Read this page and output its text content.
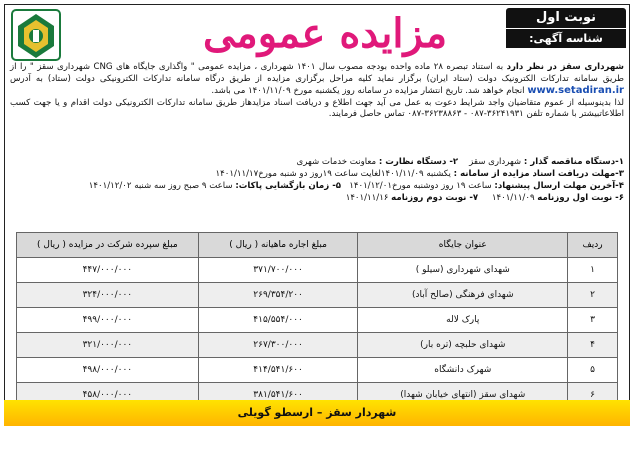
مزایده عمومی	نوبت اول
شناسه آگهی: ۱۴۴۸۰۳۰
شهرداری سقز در نظر دارد به استناد تبصره ۲۸ ماده واحده بودجه مصوب سال ۱۴۰۱ شهرداری ، مزایده عمومی " واگذاری جایگاه های CNG شهرداری سقز " را از طریق سامانه تدارکات الکترونیک دولت (ستاد ایران) برگزار نماید کلیه مراحل برگزاری مزایده از طریق درگاه سامانه تدارکات الکترونیکی دولت (ستاد) به آدرس www.setadiran.ir انجام خواهد شد. تاریخ انتشار مزایده در سامانه روز یکشنبه مورخ ۱۴۰۱/۱۱/۰۹ می باشد.
لذا بدینوسیله از عموم متقاضیان واجد شرایط دعوت به عمل می آید جهت اطلاع و دریافت اسناد مزایدهاز طریق سامانه تدارکات الکترونیکی دولت اقدام و یا جهت کسب اطلاعاتبیشتر با شماره تلفن ۳۶۲۴۱۹۳۱-۰۸۷ - ۳۶۲۳۸۸۶۳-۰۸۷ تماس حاصل فرمایند.
۱-دستگاه مناقصه گذار : شهرداری سقز    ۲- دستگاه نظارت : معاونت خدمات شهری
۳-مهلت دریافت اسناد مزایده از سامانه : یکشنبه ۱۴۰۱/۱۱/۰۹لغایت ساعت ۱۹روز دو شنبه مورخ۱۴۰۱/۱۱/۱۷
۴-آخرین مهلت ارسال پیشنهاد: ساعت ۱۹ روز دوشنبه مورخ۱۴۰۱/۱۲/۰۱   ۵- زمان بازگشایی پاکات: ساعت ۹ صبح روز سه شنبه ۱۴۰۱/۱۲/۰۲
۶- نوبت اول روزنامه ۱۴۰۱/۱۱/۰۹     ۷- نوبت دوم روزنامه ۱۴۰۱/۱۱/۱۶
ردیف	عنوان جایگاه	مبلغ اجاره ماهیانه ( ریال )	مبلغ سپرده شرکت در مزایده ( ریال )
۱	شهدای شهرداری (سیلو )	۳۷۱/۷۰۰/۰۰۰	۴۴۷/۰۰۰/۰۰۰
۲	شهدای فرهنگی (صالح آباد)	۲۶۹/۳۵۴/۲۰۰	۳۲۴/۰۰۰/۰۰۰
۳	پارک لاله	۴۱۵/۵۵۴/۰۰۰	۴۹۹/۰۰۰/۰۰۰
۴	شهدای حلبچه (تره بار)	۲۶۷/۳۰۰/۰۰۰	۳۲۱/۰۰۰/۰۰۰
۵	شهرک دانشگاه	۴۱۴/۵۴۱/۶۰۰	۴۹۸/۰۰۰/۰۰۰
۶	شهدای سقز (انتهای خیابان شهدا)	۳۸۱/۵۴۱/۶۰۰	۴۵۸/۰۰۰/۰۰۰
شهردار سقز – ارسطو گویلی
